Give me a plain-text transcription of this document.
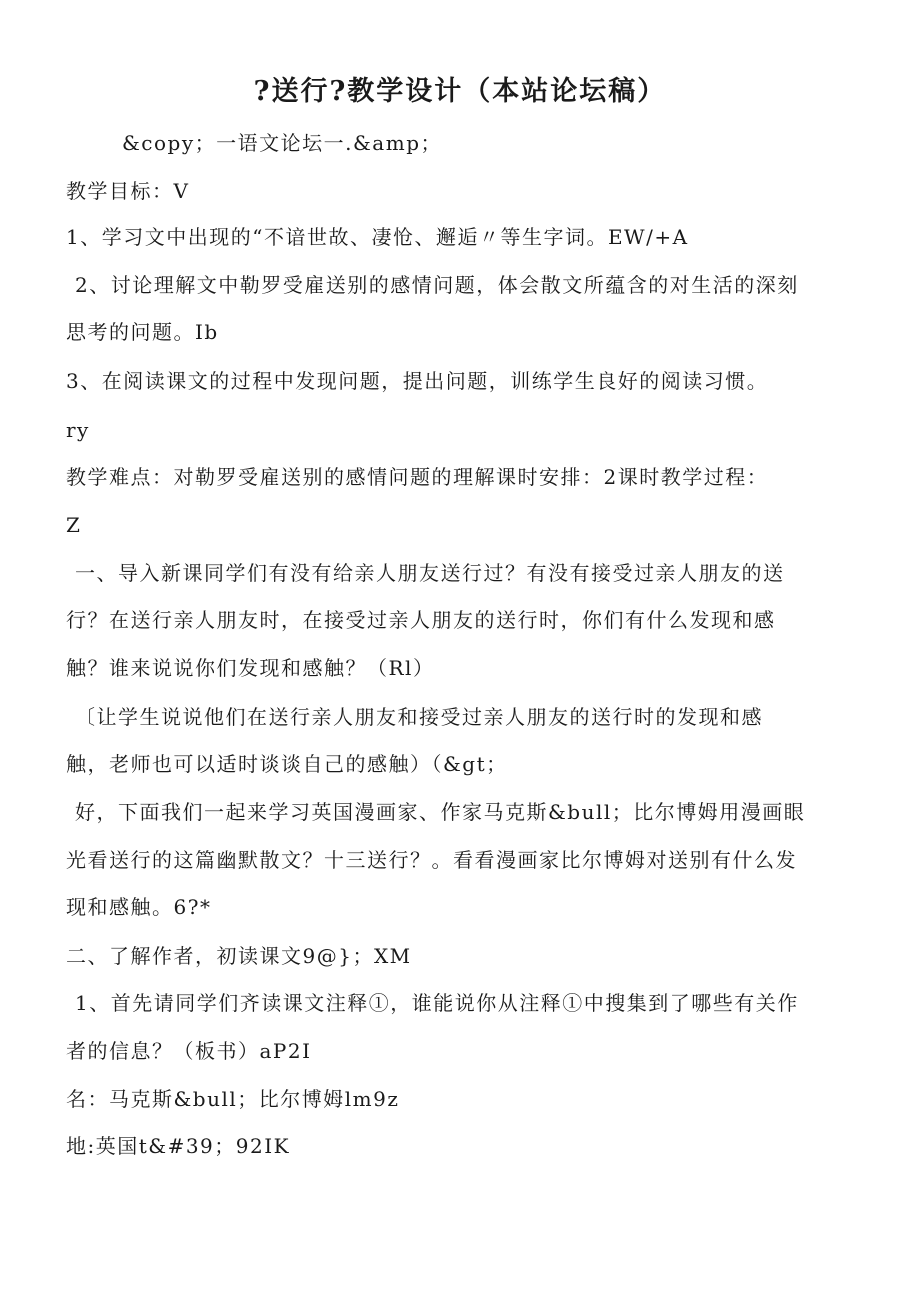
?送行?教学设计（本站论坛稿）
&copy；一语文论坛一.&amp；
教学目标：V
1、学习文中出现的“不谙世故、凄怆、邂逅〃等生字词。EW/+A
2、讨论理解文中勒罗受雇送别的感情问题，体会散文所蕴含的对生活的深刻
思考的问题。Ib
3、在阅读课文的过程中发现问题，提出问题，训练学生良好的阅读习惯。
ry
教学难点：对勒罗受雇送别的感情问题的理解课时安排：2课时教学过程：
Z
一、导入新课同学们有没有给亲人朋友送行过？有没有接受过亲人朋友的送
行？在送行亲人朋友时，在接受过亲人朋友的送行时，你们有什么发现和感
触？谁来说说你们发现和感触？（Rl）
〔让学生说说他们在送行亲人朋友和接受过亲人朋友的送行时的发现和感
触，老师也可以适时谈谈自己的感触）（&gt；
好，下面我们一起来学习英国漫画家、作家马克斯&bull；比尔博姆用漫画眼
光看送行的这篇幽默散文？十三送行？。看看漫画家比尔博姆对送别有什么发
现和感触。6?*
二、了解作者，初读课文9@}；XM
1、首先请同学们齐读课文注释①，谁能说你从注释①中搜集到了哪些有关作
者的信息？（板书）aP2I
名：马克斯&bull；比尔博姆lm9z
地:英国t&#39；92IK
